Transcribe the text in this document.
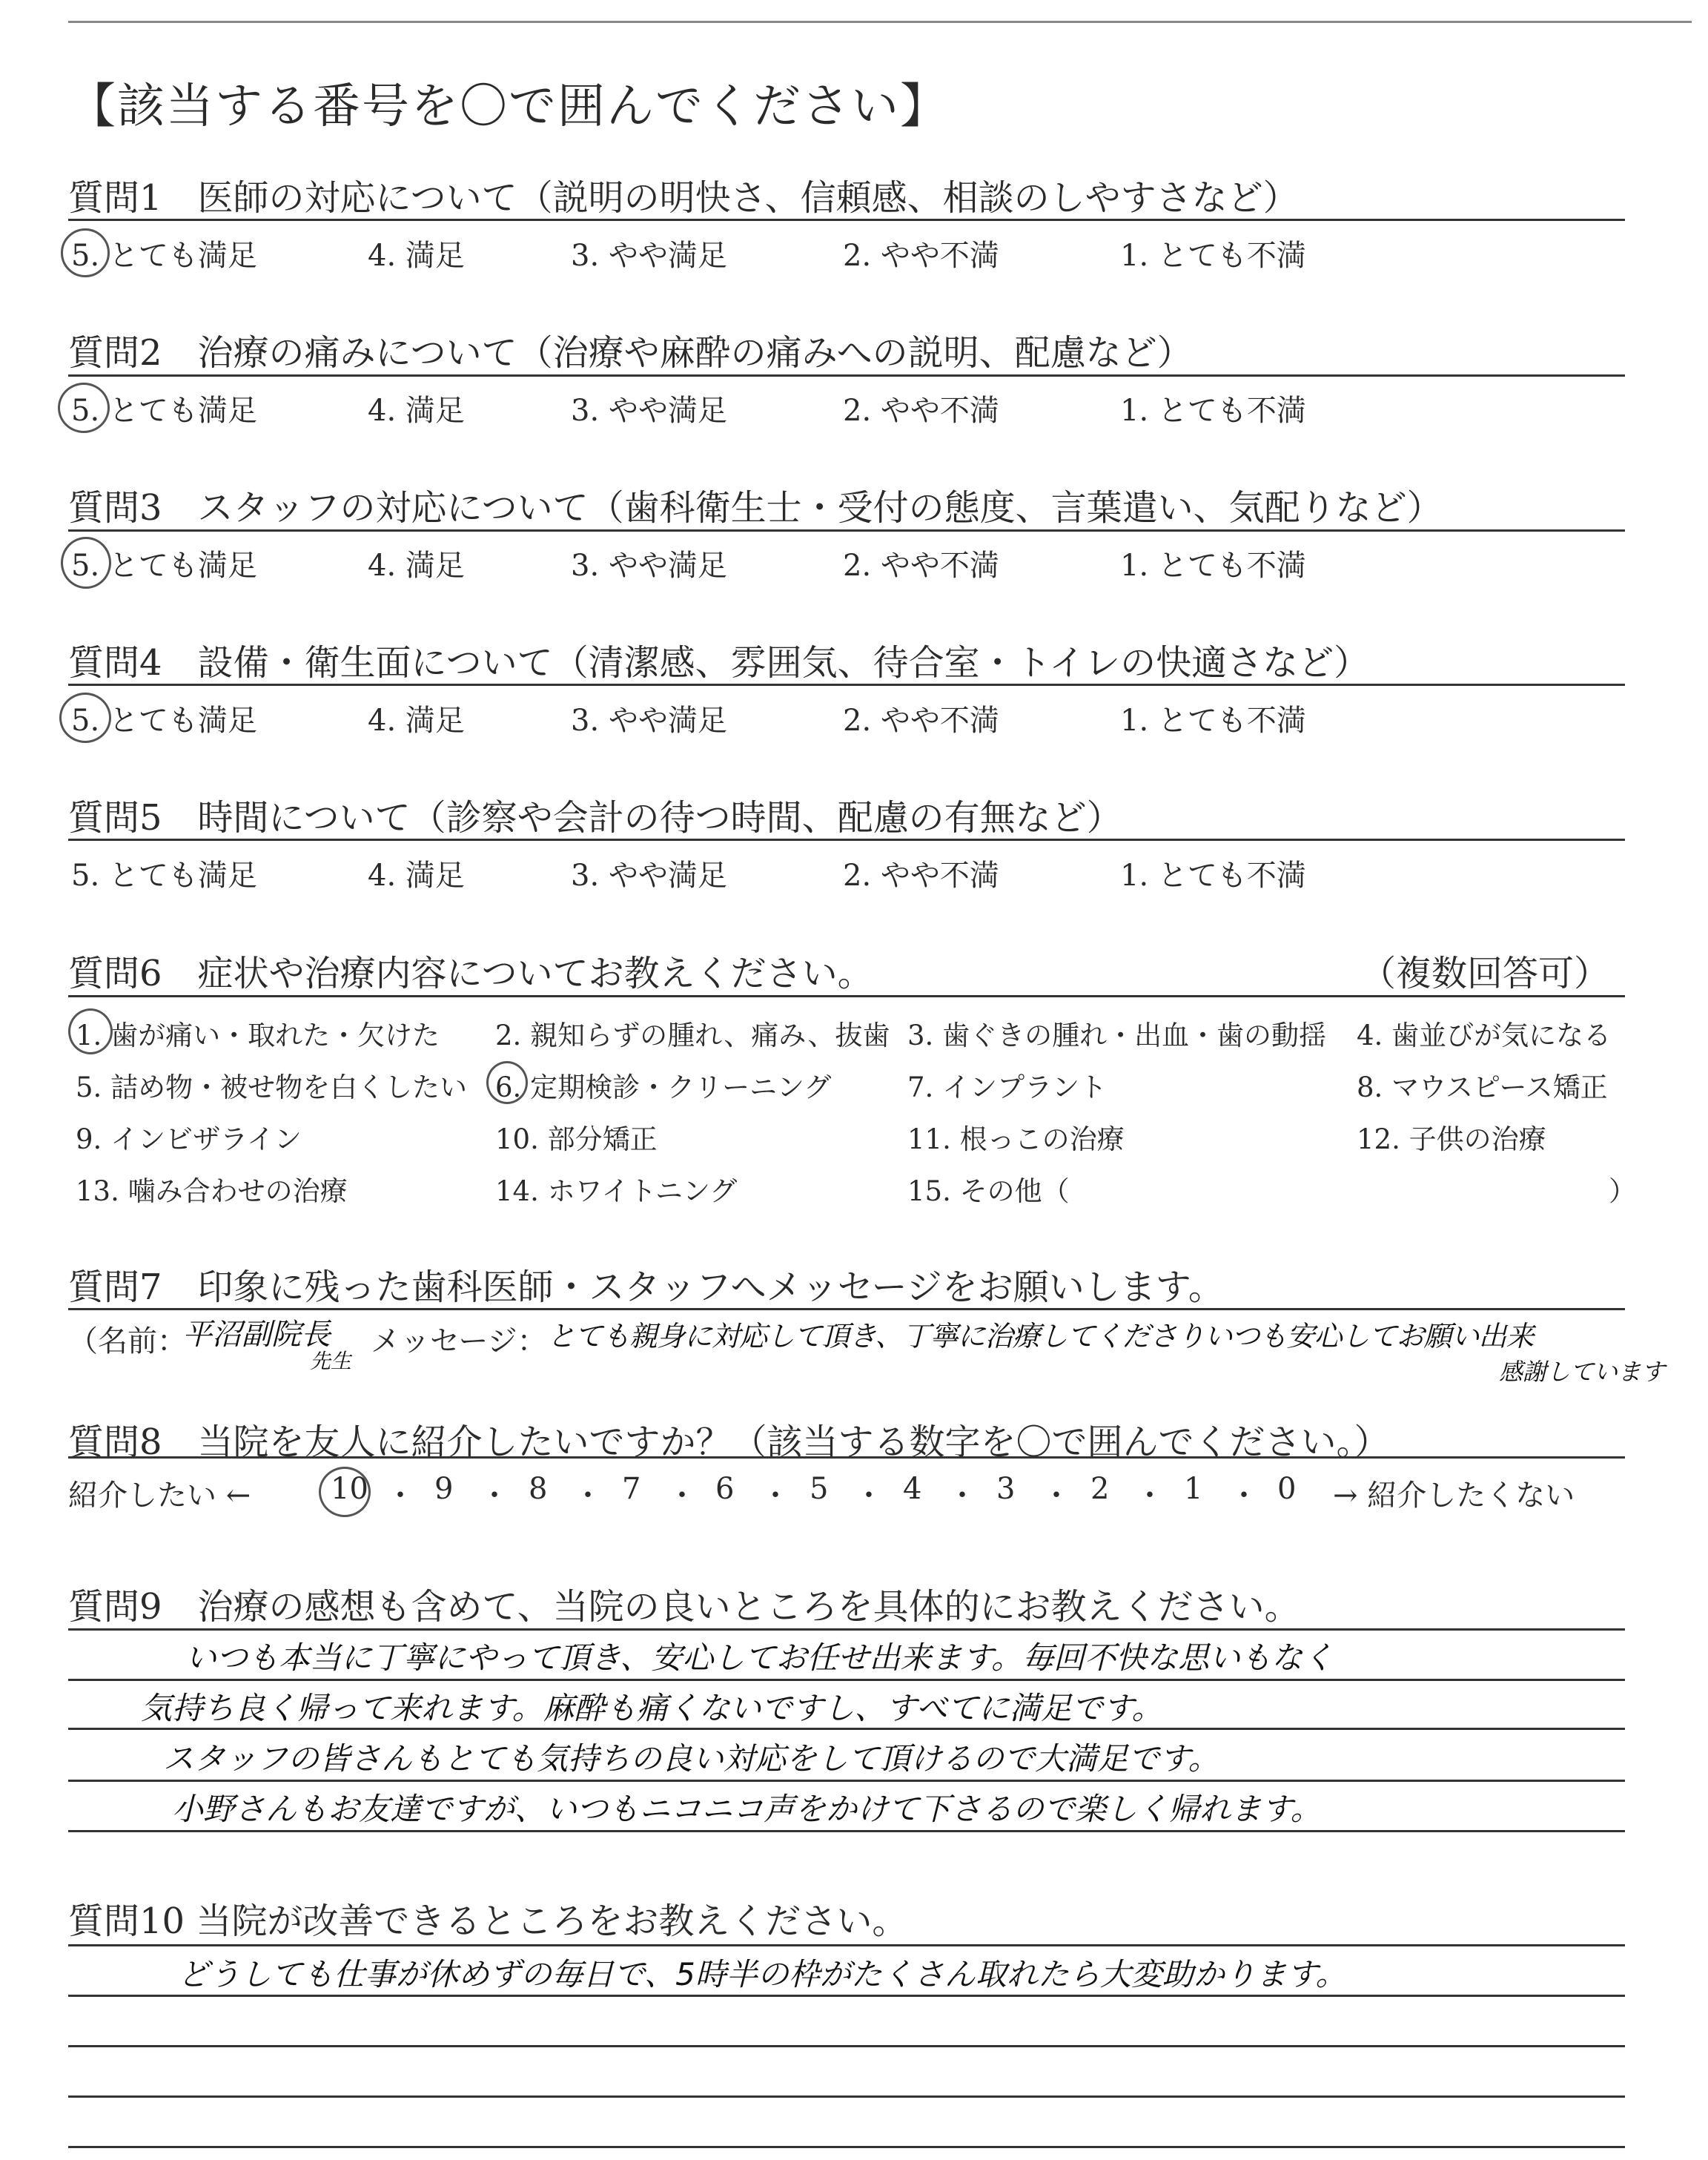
【該当する番号を〇で囲んでください】
質問1　医師の対応について（説明の明快さ、信頼感、相談のしやすさなど）
5. とても満足	4. 満足	3. やや満足	2. やや不満	1. とても不満
質問2　治療の痛みについて（治療や麻酔の痛みへの説明、配慮など）
5. とても満足	4. 満足	3. やや満足	2. やや不満	1. とても不満
質問3　スタッフの対応について（歯科衛生士・受付の態度、言葉遣い、気配りなど）
5. とても満足	4. 満足	3. やや満足	2. やや不満	1. とても不満
質問4　設備・衛生面について（清潔感、雰囲気、待合室・トイレの快適さなど）
5. とても満足	4. 満足	3. やや満足	2. やや不満	1. とても不満
質問5　時間について（診察や会計の待つ時間、配慮の有無など）
5. とても満足	4. 満足	3. やや満足	2. やや不満	1. とても不満
質問6　症状や治療内容についてお教えください。	（複数回答可）
1. 歯が痛い・取れた・欠けた 2. 親知らずの腫れ、痛み、抜歯 3. 歯ぐきの腫れ・出血・歯の動揺 4. 歯並びが気になる
5. 詰め物・被せ物を白くしたい 6. 定期検診・クリーニング	7. インプラント	8. マウスピース矯正
9. インビザライン	10. 部分矯正	11. 根っこの治療	12. 子供の治療
13. 噛み合わせの治療	14. ホワイトニング	15. その他（	）
質問7　印象に残った歯科医師・スタッフへメッセージをお願いします。
（名前：
平沼副院長
先生
メッセージ： とても親身に対応して頂き、丁寧に治療してくださりいつも安心してお願い出来
感謝しています
質問8　当院を友人に紹介したいですか？（該当する数字を〇で囲んでください。）
紹介したい ←	10 ・ 9 ・ 8 ・ 7 ・ 6 ・ 5 ・ 4 ・ 3 ・ 2 ・ 1 ・ 0 → 紹介したくない
質問9　治療の感想も含めて、当院の良いところを具体的にお教えください。
いつも本当に丁寧にやって頂き、安心してお任せ出来ます。毎回不快な思いもなく
気持ち良く帰って来れます。麻酔も痛くないですし、すべてに満足です。
スタッフの皆さんもとても気持ちの良い対応をして頂けるので大満足です。
小野さんもお友達ですが、いつもニコニコ声をかけて下さるので楽しく帰れます。
質問10 当院が改善できるところをお教えください。
どうしても仕事が休めずの毎日で、5時半の枠がたくさん取れたら大変助かります。
